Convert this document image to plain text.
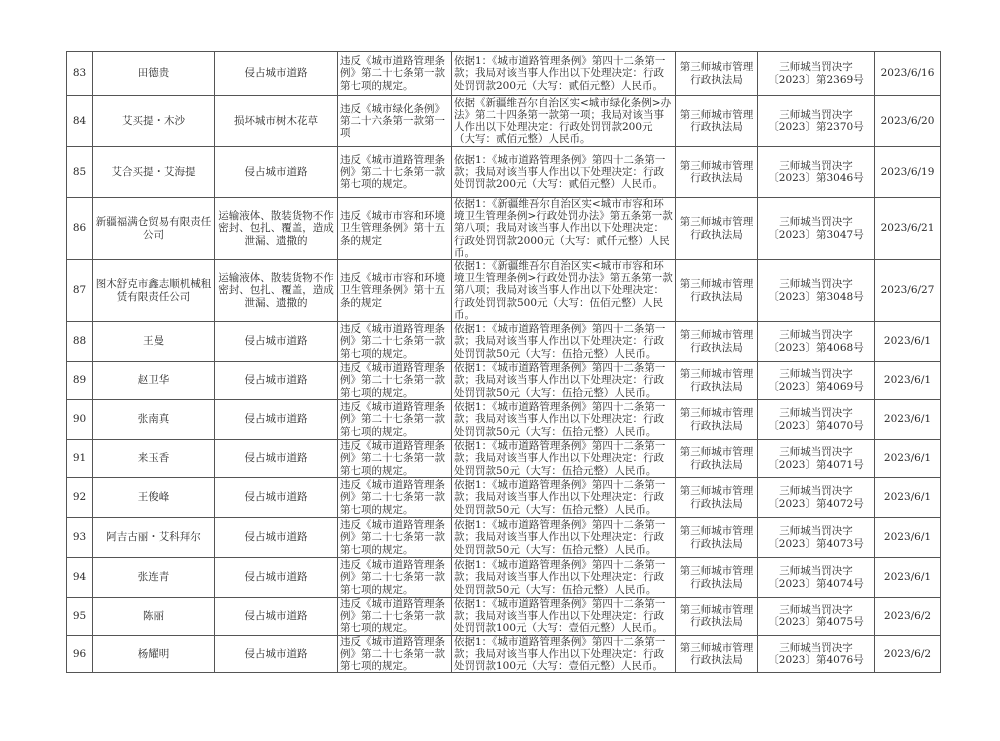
83	田德贵	侵占城市道路	违反《城市道路管理条例》第二十七条第一款第七项的规定。	依据1：《城市道路管理条例》第四十二条第一款；我局对该当事人作出以下处理决定：行政处罚罚款200元（大写：贰佰元整）人民币。	第三师城市管理行政执法局	三师城当罚决字〔2023〕第2369号	2023/6/16
84	艾买提・木沙	损坏城市树木花草	违反《城市绿化条例》第二十六条第一款第一项	依据《新疆维吾尔自治区实<城市绿化条例>办法》第二十四条第一款第一项；我局对该当事人作出以下处理决定：行政处罚罚款200元（大写：贰佰元整）人民币。	第三师城市管理行政执法局	三师城当罚决字〔2023〕第2370号	2023/6/20
85	艾合买提・艾海提	侵占城市道路	违反《城市道路管理条例》第二十七条第一款第七项的规定。	依据1：《城市道路管理条例》第四十二条第一款；我局对该当事人作出以下处理决定：行政处罚罚款200元（大写：贰佰元整）人民币。	第三师城市管理行政执法局	三师城当罚决字〔2023〕第3046号	2023/6/19
86	新疆福满仓贸易有限责任公司	运输液体、散装货物不作密封、包扎、覆盖，造成泄漏、遗撒的	违反《城市市容和环境卫生管理条例》第十五条的规定	依据1：《新疆维吾尔自治区实<城市市容和环境卫生管理条例>行政处罚办法》第五条第一款第八项；我局对该当事人作出以下处理决定：行政处罚罚款2000元（大写：贰仟元整）人民币。	第三师城市管理行政执法局	三师城当罚决字〔2023〕第3047号	2023/6/21
87	图木舒克市鑫志顺机械租赁有限责任公司	运输液体、散装货物不作密封、包扎、覆盖，造成泄漏、遗撒的	违反《城市市容和环境卫生管理条例》第十五条的规定	依据1：《新疆维吾尔自治区实<城市市容和环境卫生管理条例>行政处罚办法》第五条第一款第八项；我局对该当事人作出以下处理决定：行政处罚罚款500元（大写：伍佰元整）人民币。	第三师城市管理行政执法局	三师城当罚决字〔2023〕第3048号	2023/6/27
88	王曼	侵占城市道路	违反《城市道路管理条例》第二十七条第一款第七项的规定。	依据1：《城市道路管理条例》第四十二条第一款；我局对该当事人作出以下处理决定：行政处罚罚款50元（大写：伍拾元整）人民币。	第三师城市管理行政执法局	三师城当罚决字〔2023〕第4068号	2023/6/1
89	赵卫华	侵占城市道路	违反《城市道路管理条例》第二十七条第一款第七项的规定。	依据1：《城市道路管理条例》第四十二条第一款；我局对该当事人作出以下处理决定：行政处罚罚款50元（大写：伍拾元整）人民币。	第三师城市管理行政执法局	三师城当罚决字〔2023〕第4069号	2023/6/1
90	张南真	侵占城市道路	违反《城市道路管理条例》第二十七条第一款第七项的规定。	依据1：《城市道路管理条例》第四十二条第一款；我局对该当事人作出以下处理决定：行政处罚罚款50元（大写：伍拾元整）人民币。	第三师城市管理行政执法局	三师城当罚决字〔2023〕第4070号	2023/6/1
91	来玉香	侵占城市道路	违反《城市道路管理条例》第二十七条第一款第七项的规定。	依据1：《城市道路管理条例》第四十二条第一款；我局对该当事人作出以下处理决定：行政处罚罚款50元（大写：伍拾元整）人民币。	第三师城市管理行政执法局	三师城当罚决字〔2023〕第4071号	2023/6/1
92	王俊峰	侵占城市道路	违反《城市道路管理条例》第二十七条第一款第七项的规定。	依据1：《城市道路管理条例》第四十二条第一款；我局对该当事人作出以下处理决定：行政处罚罚款50元（大写：伍拾元整）人民币。	第三师城市管理行政执法局	三师城当罚决字〔2023〕第4072号	2023/6/1
93	阿吉古丽・艾科拜尔	侵占城市道路	违反《城市道路管理条例》第二十七条第一款第七项的规定。	依据1：《城市道路管理条例》第四十二条第一款；我局对该当事人作出以下处理决定：行政处罚罚款50元（大写：伍拾元整）人民币。	第三师城市管理行政执法局	三师城当罚决字〔2023〕第4073号	2023/6/1
94	张连青	侵占城市道路	违反《城市道路管理条例》第二十七条第一款第七项的规定。	依据1：《城市道路管理条例》第四十二条第一款；我局对该当事人作出以下处理决定：行政处罚罚款50元（大写：伍拾元整）人民币。	第三师城市管理行政执法局	三师城当罚决字〔2023〕第4074号	2023/6/1
95	陈丽	侵占城市道路	违反《城市道路管理条例》第二十七条第一款第七项的规定。	依据1：《城市道路管理条例》第四十二条第一款；我局对该当事人作出以下处理决定：行政处罚罚款100元（大写：壹佰元整）人民币。	第三师城市管理行政执法局	三师城当罚决字〔2023〕第4075号	2023/6/2
96	杨耀明	侵占城市道路	违反《城市道路管理条例》第二十七条第一款第七项的规定。	依据1：《城市道路管理条例》第四十二条第一款；我局对该当事人作出以下处理决定：行政处罚罚款100元（大写：壹佰元整）人民币。	第三师城市管理行政执法局	三师城当罚决字〔2023〕第4076号	2023/6/2
